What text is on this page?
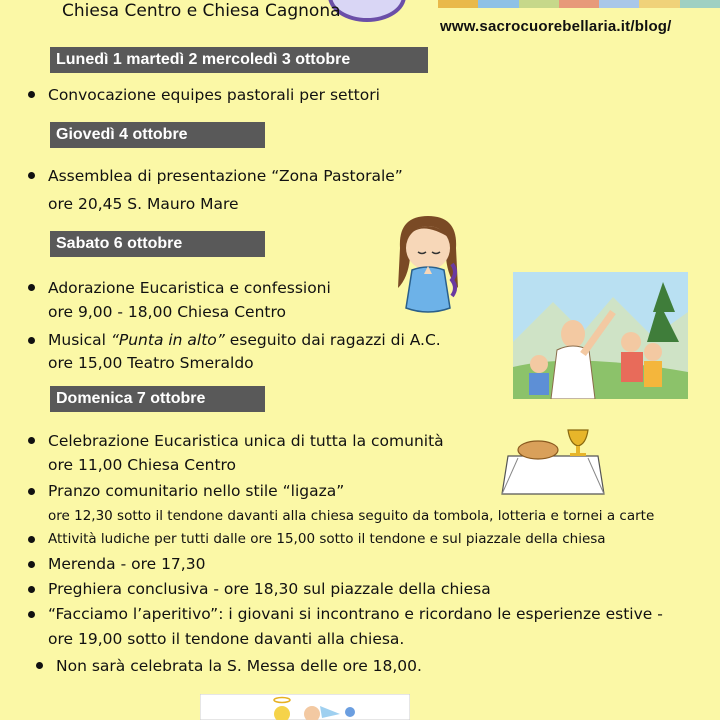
Chiesa Centro e Chiesa Cagnona
www.sacrocuorebellaria.it/blog/
Lunedì 1 martedì 2 mercoledì 3 ottobre
Convocazione equipes pastorali per settori
Giovedì 4 ottobre
Assemblea di presentazione “Zona Pastorale”
ore 20,45 S. Mauro Mare
Sabato 6 ottobre
Adorazione Eucaristica e confessioni
ore 9,00 - 18,00 Chiesa Centro
Musical “Punta in alto” eseguito dai ragazzi di A.C.
ore 15,00 Teatro Smeraldo
Domenica 7 ottobre
Celebrazione Eucaristica unica di tutta la comunità
ore 11,00 Chiesa Centro
Pranzo comunitario nello stile “ligaza”
ore 12,30 sotto il tendone davanti alla chiesa seguito da tombola, lotteria e tornei a carte
Attività ludiche per tutti dalle ore 15,00 sotto il tendone e sul piazzale della chiesa
Merenda - ore 17,30
Preghiera conclusiva - ore 18,30 sul piazzale della chiesa
“Facciamo l’aperitivo”: i giovani si incontrano e ricordano le esperienze estive -
ore 19,00 sotto il tendone davanti alla chiesa.
Non sarà celebrata la S. Messa delle ore 18,00.
